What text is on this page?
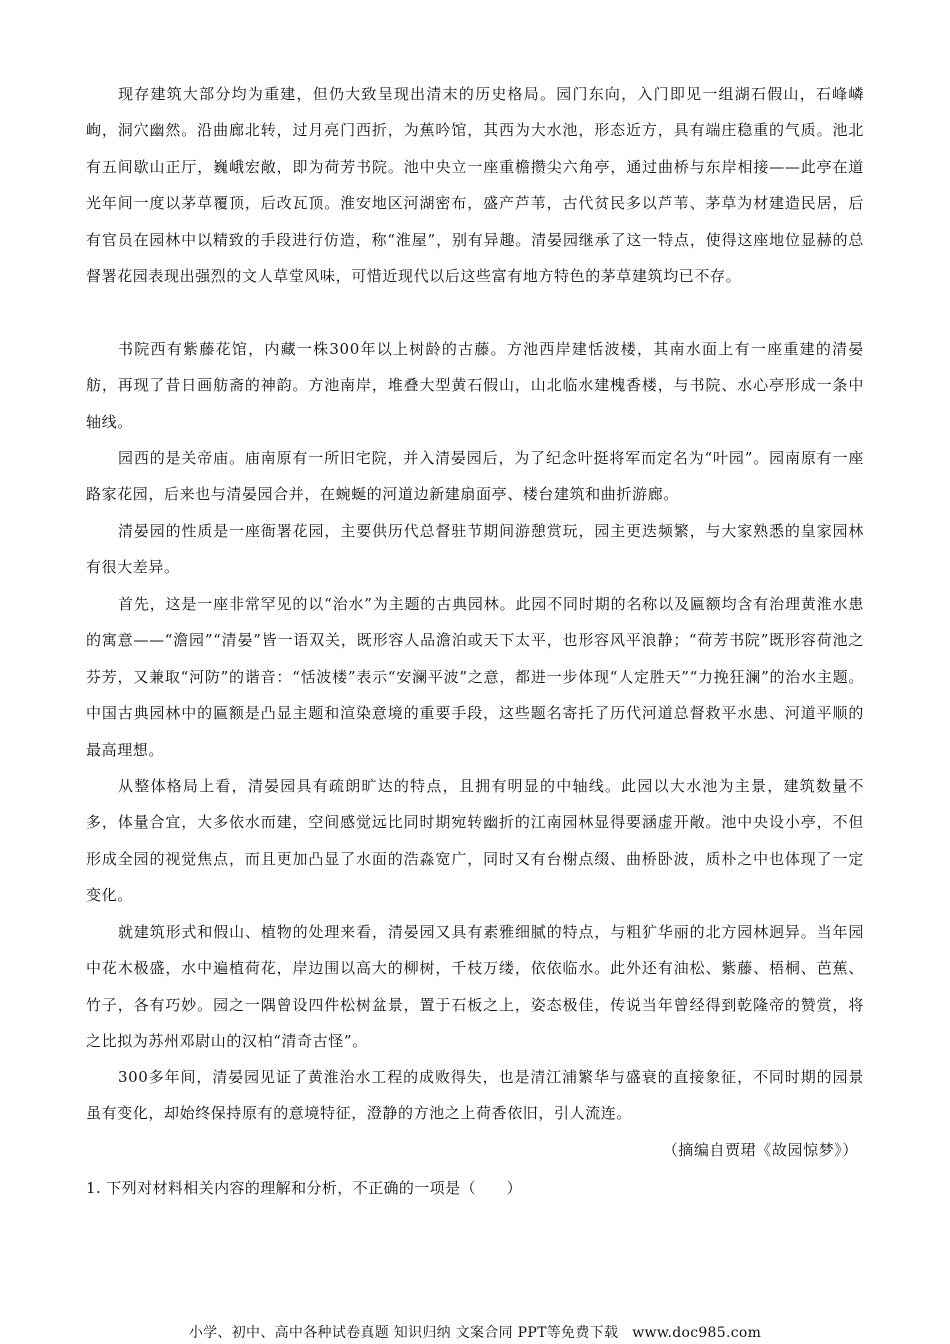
现存建筑大部分均为重建，但仍大致呈现出清末的历史格局。园门东向，入门即见一组湖石假山，石峰嶙峋，洞穴幽然。沿曲廊北转，过月亮门西折，为蕉吟馆，其西为大水池，形态近方，具有端庄稳重的气质。池北有五间歇山正厅，巍峨宏敞，即为荷芳书院。池中央立一座重檐攒尖六角亭，通过曲桥与东岸相接——此亭在道光年间一度以茅草覆顶，后改瓦顶。淮安地区河湖密布，盛产芦苇，古代贫民多以芦苇、茅草为材建造民居，后有官员在园林中以精致的手段进行仿造，称“淮屋”，别有异趣。清晏园继承了这一特点，使得这座地位显赫的总督署花园表现出强烈的文人草堂风味，可惜近现代以后这些富有地方特色的茅草建筑均已不存。

书院西有紫藤花馆，内藏一株300年以上树龄的古藤。方池西岸建恬波楼，其南水面上有一座重建的清晏舫，再现了昔日画舫斋的神韵。方池南岸，堆叠大型黄石假山，山北临水建槐香楼，与书院、水心亭形成一条中轴线。

园西的是关帝庙。庙南原有一所旧宅院，并入清晏园后，为了纪念叶挺将军而定名为“叶园”。园南原有一座路家花园，后来也与清晏园合并，在蜿蜒的河道边新建扇面亭、楼台建筑和曲折游廊。

清晏园的性质是一座衙署花园，主要供历代总督驻节期间游憩赏玩，园主更迭频繁，与大家熟悉的皇家园林有很大差异。

首先，这是一座非常罕见的以“治水”为主题的古典园林。此园不同时期的名称以及匾额均含有治理黄淮水患的寓意——“澹园”“清晏”皆一语双关，既形容人品澹泊或天下太平，也形容风平浪静；“荷芳书院”既形容荷池之芬芳，又兼取“河防”的谐音：“恬波楼”表示“安澜平波”之意，都进一步体现“人定胜天”“力挽狂澜”的治水主题。中国古典园林中的匾额是凸显主题和渲染意境的重要手段，这些题名寄托了历代河道总督救平水患、河道平顺的最高理想。

从整体格局上看，清晏园具有疏朗旷达的特点，且拥有明显的中轴线。此园以大水池为主景，建筑数量不多，体量合宜，大多依水而建，空间感觉远比同时期宛转幽折的江南园林显得要涵虚开敞。池中央设小亭，不但形成全园的视觉焦点，而且更加凸显了水面的浩淼宽广，同时又有台榭点缀、曲桥卧波，质朴之中也体现了一定变化。

就建筑形式和假山、植物的处理来看，清晏园又具有素雅细腻的特点，与粗犷华丽的北方园林迥异。当年园中花木极盛，水中遍植荷花，岸边围以高大的柳树，千枝万缕，依依临水。此外还有油松、紫藤、梧桐、芭蕉、竹子，各有巧妙。园之一隅曾设四件松树盆景，置于石板之上，姿态极佳，传说当年曾经得到乾隆帝的赞赏，将之比拟为苏州邓尉山的汉柏“清奇古怪”。

300多年间，清晏园见证了黄淮治水工程的成败得失，也是清江浦繁华与盛衰的直接象征，不同时期的园景虽有变化，却始终保持原有的意境特征，澄静的方池之上荷香依旧，引人流连。

（摘编自贾珺《故园惊梦》）

1. 下列对材料相关内容的理解和分析，不正确的一项是（　　）

小学、初中、高中各种试卷真题 知识归纳 文案合同 PPT等免费下载 www.doc985.com
